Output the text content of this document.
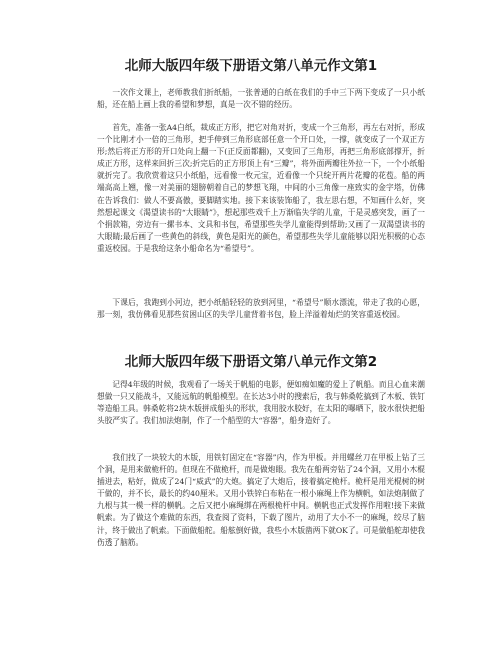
北师大版四年级下册语文第八单元作文第1

一次作文课上，老师教我们折纸船，一张普通的白纸在我们的手中三下两下变成了一只小纸船，还在船上画上我的希望和梦想，真是一次不错的经历。

首先，准备一张A4白纸，裁成正方形，把它对角对折，变成一个三角形，再左右对折，形成一个比刚才小一倍的三角形，把手伸到三角形底部任意一个开口处，一撑，就变成了一个双正方形;然后将正方形的开口处向上翻一下(正反面都翻)，又变回了三角形，再把三角形底部撑开，折成正方形，这样来回折三次;折完后的正方形顶上有“三瓣”，将外面两瓣往外拉一下，一个小纸船就折完了。我欣赏着这只小纸船，远看像一枚元宝，近看像一个只绽开两片花瓣的花苞。船的两端高高上翘，像一对美丽的翅膀朝着自己的梦想飞翔，中间的小三角像一座致实的金字塔，仿佛在告诉我们：做人不要高傲，要脚踏实地。接下来该装饰船了，我左思右想，不知画什么好，突然想起课文《渴望读书的“大眼睛”》，想起那些戏千上万渐临失学的儿童，于是灵感突发，画了一个捐款箱，旁边有一摞书本、文具和书包，希望那些失学儿童能得到帮助;又画了一双渴望读书的大眼睛;最后画了一些黄色的斜线，黄色是阳光的颜色，希望那些失学儿童能够以阳光积极的心态重返校园。于是我给这条小船命名为“希望号”。

下课后，我跑到小河边，把小纸船轻轻的放到河里，“希望号”顺水漂流，带走了我的心愿，那一刻，我仿佛看见那些贫困山区的失学儿童背着书包，脸上洋溢着灿烂的笑容重返校园。

北师大版四年级下册语文第八单元作文第2

记得4年级的时候，我观看了一场关于帆船的电影，便如痴如魔的爱上了帆船。而且心血来潮想做一只又能战斗，又能远航的帆船模型。在长达3小时的搜索后，我与韩桑乾搞到了木板、铁钉等造船工具。韩桑乾将2块木版拼成船头的形状，我用胶水胶好，在太阳的曝晒下，胶水很快把船头胶严实了。我们加法炮制，作了一个船型的大“容器”，船身造好了。

我们找了一块较大的木版，用铁钉固定在“容器”内，作为甲板。并用螺丝刀在甲板上钻了三个洞，是用来做桅杆的。但现在不做桅杆，而是做炮眼。我先在船两旁钻了24个洞，又用小木棍插进去，粘好，做成了24门“威武”的大炮。搞定了大炮后，接着搞定桅杆。桅杆是用光棍树的树干做的，并不长，最长的约40厘米。又用小铁锌白布粘在一根小麻绳上作为横帆，如法炮制做了九根与其一模一样的横帆。之后又把小麻绳绑在两根桅杆中间。横帆也正式发挥作用啦!接下来做帆索。为了做这个难做的东西，我查阅了资料，下载了图片，动用了大小不一的麻绳，绞尽了脑汁，终于做出了帆索。下面做船舵。船舷倒好做，我些小木版凿两下就OK了。可是做船舵却使我伤透了脑筋。
